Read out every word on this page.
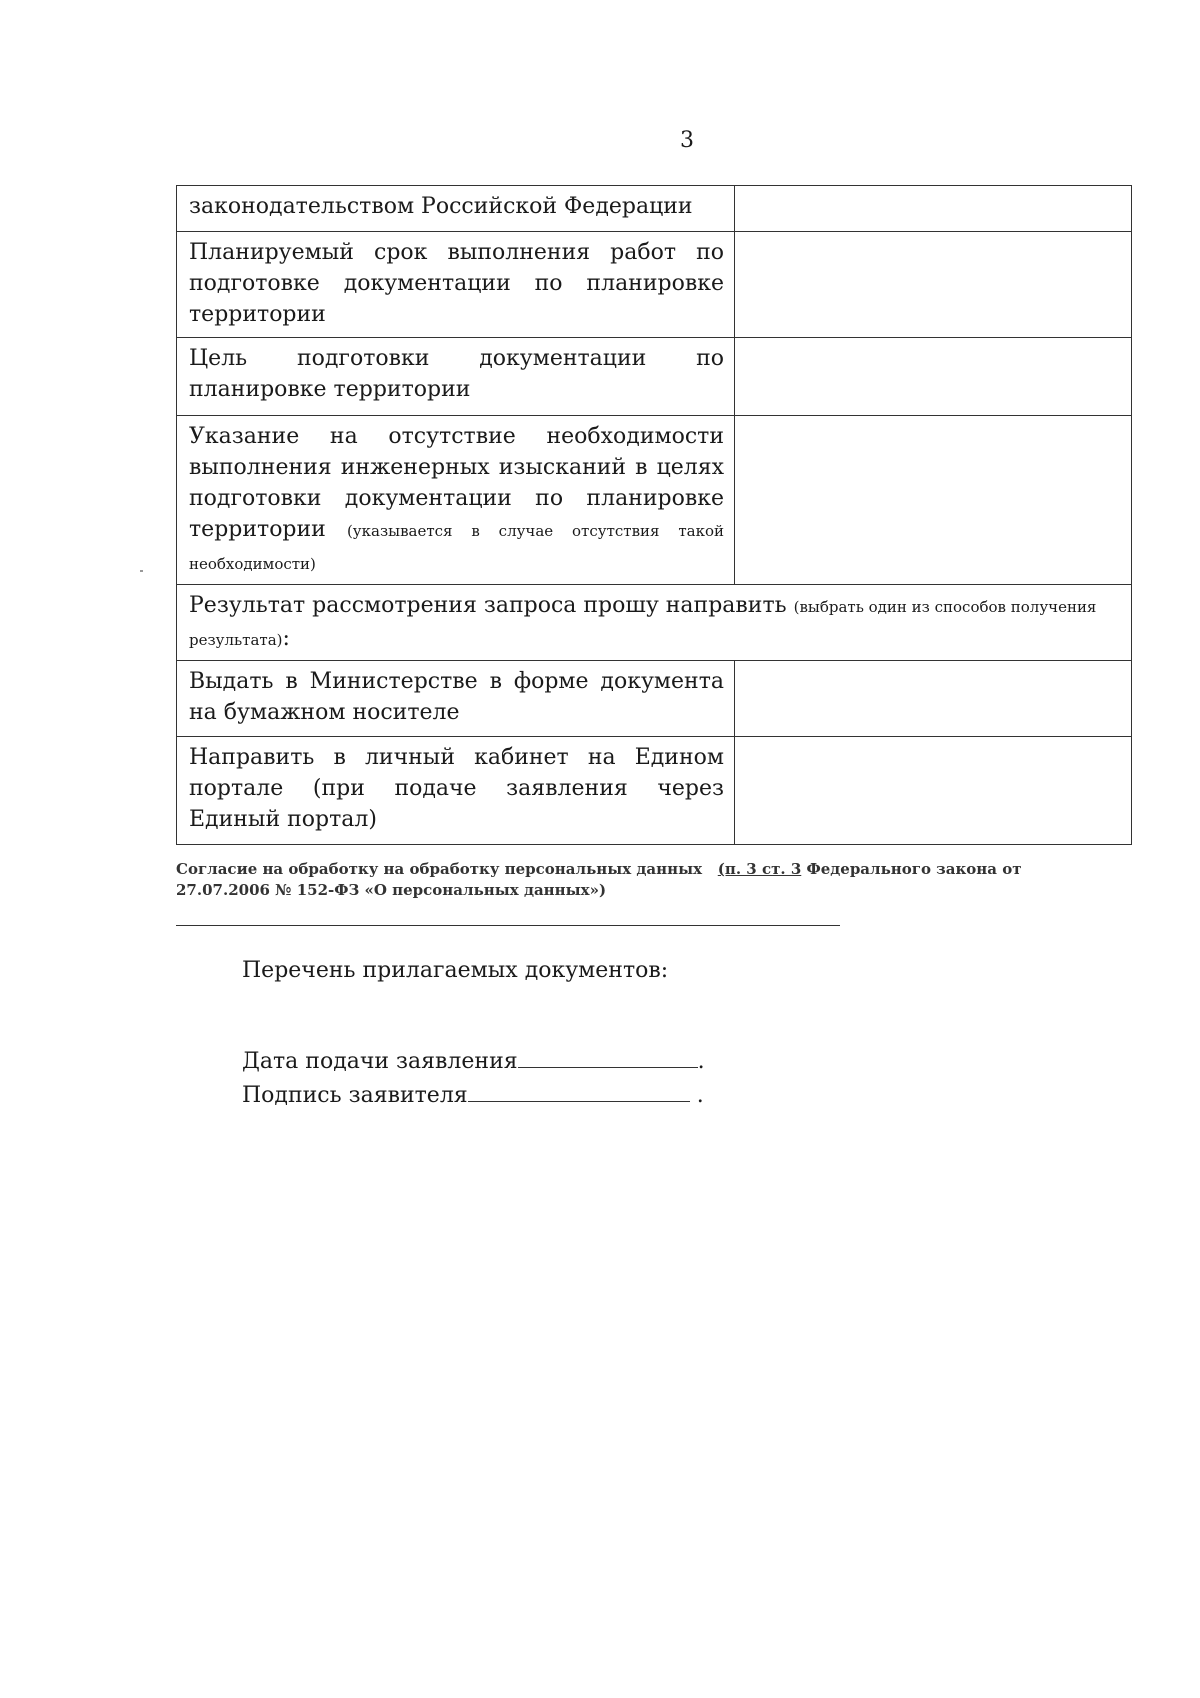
3
законодательством Российской Федерации	
Планируемый срок выполнения работ по подготовке документации по планировке территории	
Цель подготовки документации по планировке территории	
Указание на отсутствие необходимости выполнения инженерных изысканий в целях подготовки документации по планировке территории (указывается в случае отсутствия такой необходимости)	
Результат рассмотрения запроса прошу направить (выбрать один из способов получения результата):	
Выдать в Министерстве в форме документа на бумажном носителе	
Направить в личный кабинет на Едином портале (при подаче заявления через Единый портал)	
Согласие на обработку на обработку персональных данных (п. 3 ст. 3 Федерального закона от 27.07.2006 № 152-ФЗ «О персональных данных»)
Перечень прилагаемых документов:
Дата подачи заявления	.
Подпись заявителя	.
